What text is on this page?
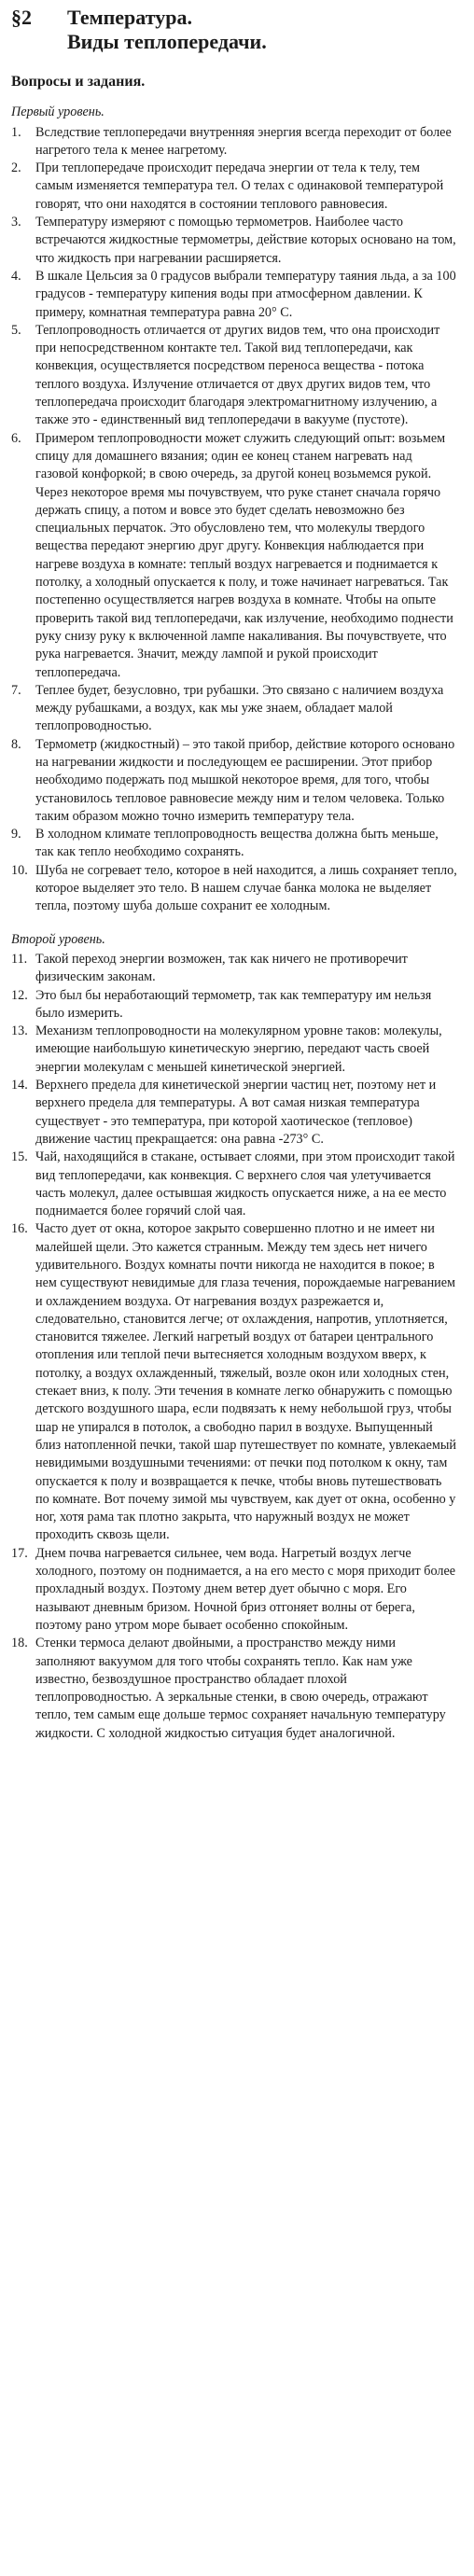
§2	Температура.
Виды теплопередачи.
Вопросы и задания.
Первый уровень.
1.	Вследствие теплопередачи внутренняя энергия всегда переходит от более нагретого тела к менее нагретому.
2.	При теплопередаче происходит передача энергии от тела к телу, тем самым изменяется температура тел. О телах с одинаковой температурой говорят, что они находятся в состоянии теплового равновесия.
3.	Температуру измеряют с помощью термометров. Наиболее часто встречаются жидкостные термометры, действие которых основано на том, что жидкость при нагревании расширяется.
4.	В шкале Цельсия за 0 градусов выбрали температуру таяния льда, а за 100 градусов - температуру кипения воды при атмосферном давлении. К примеру, комнатная температура равна 20° С.
5.	Теплопроводность отличается от других видов тем, что она происходит при непосредственном контакте тел. Такой вид теплопередачи, как конвекция, осуществляется посредством переноса вещества - потока теплого воздуха. Излучение отличается от двух других видов тем, что теплопередача происходит благодаря электромагнитному излучению, а также это - единственный вид теплопередачи в вакууме (пустоте).
6.	Примером теплопроводности может служить следующий опыт: возьмем спицу для домашнего вязания; один ее конец станем нагревать над газовой конфоркой; в свою очередь, за другой конец возьмемся рукой. Через некоторое время мы почувствуем, что руке станет сначала горячо держать спицу, а потом и вовсе это будет сделать невозможно без специальных перчаток. Это обусловлено тем, что молекулы твердого вещества передают энергию друг другу. Конвекция наблюдается при нагреве воздуха в комнате: теплый воздух нагревается и поднимается к потолку, а холодный опускается к полу, и тоже начинает нагреваться. Так постепенно осуществляется нагрев воздуха в комнате. Чтобы на опыте проверить такой вид теплопередачи, как излучение, необходимо поднести руку снизу руку к включенной лампе накаливания. Вы почувствуете, что рука нагревается. Значит, между лампой и рукой происходит теплопередача.
7.	Теплее будет, безусловно, три рубашки. Это связано с наличием воздуха между рубашками, а воздух, как мы уже знаем, обладает малой теплопроводностью.
8.	Термометр (жидкостный) – это такой прибор, действие которого основано на нагревании жидкости и последующем ее расширении. Этот прибор необходимо подержать под мышкой некоторое время, для того, чтобы установилось тепловое равновесие между ним и телом человека. Только таким образом можно точно измерить температуру тела.
9.	В холодном климате теплопроводность вещества должна быть меньше, так как тепло необходимо сохранять.
10. Шуба не согревает тело, которое в ней находится, а лишь сохраняет тепло, которое выделяет это тело. В нашем случае банка молока не выделяет тепла, поэтому шуба дольше сохранит ее холодным.
Второй уровень.
11. Такой переход энергии возможен, так как ничего не противоречит физическим законам.
12. Это был бы неработающий термометр, так как температуру им нельзя было измерить.
13. Механизм теплопроводности на молекулярном уровне таков: молекулы, имеющие наибольшую кинетическую энергию, передают часть своей энергии молекулам с меньшей кинетической энергией.
14. Верхнего предела для кинетической энергии частиц нет, поэтому нет и верхнего предела для температуры. А вот самая низкая температура существует - это температура, при которой хаотическое (тепловое) движение частиц прекращается: она равна -273° С.
15. Чай, находящийся в стакане, остывает слоями, при этом происходит такой вид теплопередачи, как конвекция. С верхнего слоя чая улетучивается часть молекул, далее остывшая жидкость опускается ниже, а на ее место поднимается более горячий слой чая.
16. Часто дует от окна, которое закрыто совершенно плотно и не имеет ни малейшей щели. Это кажется странным. Между тем здесь нет ничего удивительного. Воздух комнаты почти никогда не находится в покое; в нем существуют невидимые для глаза течения, порождаемые нагреванием и охлаждением воздуха. От нагревания воздух разрежается и, следовательно, становится легче; от охлаждения, напротив, уплотняется, становится тяжелее. Легкий нагретый воздух от батареи центрального отопления или теплой печи вытесняется холодным воздухом вверх, к потолку, а воздух охлажденный, тяжелый, возле окон или холодных стен, стекает вниз, к полу. Эти течения в комнате легко обнаружить с помощью детского воздушного шара, если подвязать к нему небольшой груз, чтобы шар не упирался в потолок, а свободно парил в воздухе. Выпущенный близ натопленной печки, такой шар путешествует по комнате, увлекаемый невидимыми воздушными течениями: от печки под потолком к окну, там опускается к полу и возвращается к печке, чтобы вновь путешествовать по комнате. Вот почему зимой мы чувствуем, как дует от окна, особенно у ног, хотя рама так плотно закрыта, что наружный воздух не может проходить сквозь щели.
17. Днем почва нагревается сильнее, чем вода. Нагретый воздух легче холодного, поэтому он поднимается, а на его место с моря приходит более прохладный воздух. Поэтому днем ветер дует обычно с моря. Его называют дневным бризом. Ночной бриз отгоняет волны от берега, поэтому рано утром море бывает особенно спокойным.
18. Стенки термоса делают двойными, а пространство между ними заполняют вакуумом для того чтобы сохранять тепло. Как нам уже известно, безвоздушное пространство обладает плохой теплопроводностью. А зеркальные стенки, в свою очередь, отражают тепло, тем самым еще дольше термос сохраняет начальную температуру жидкости. С холодной жидкостью ситуация будет аналогичной.
